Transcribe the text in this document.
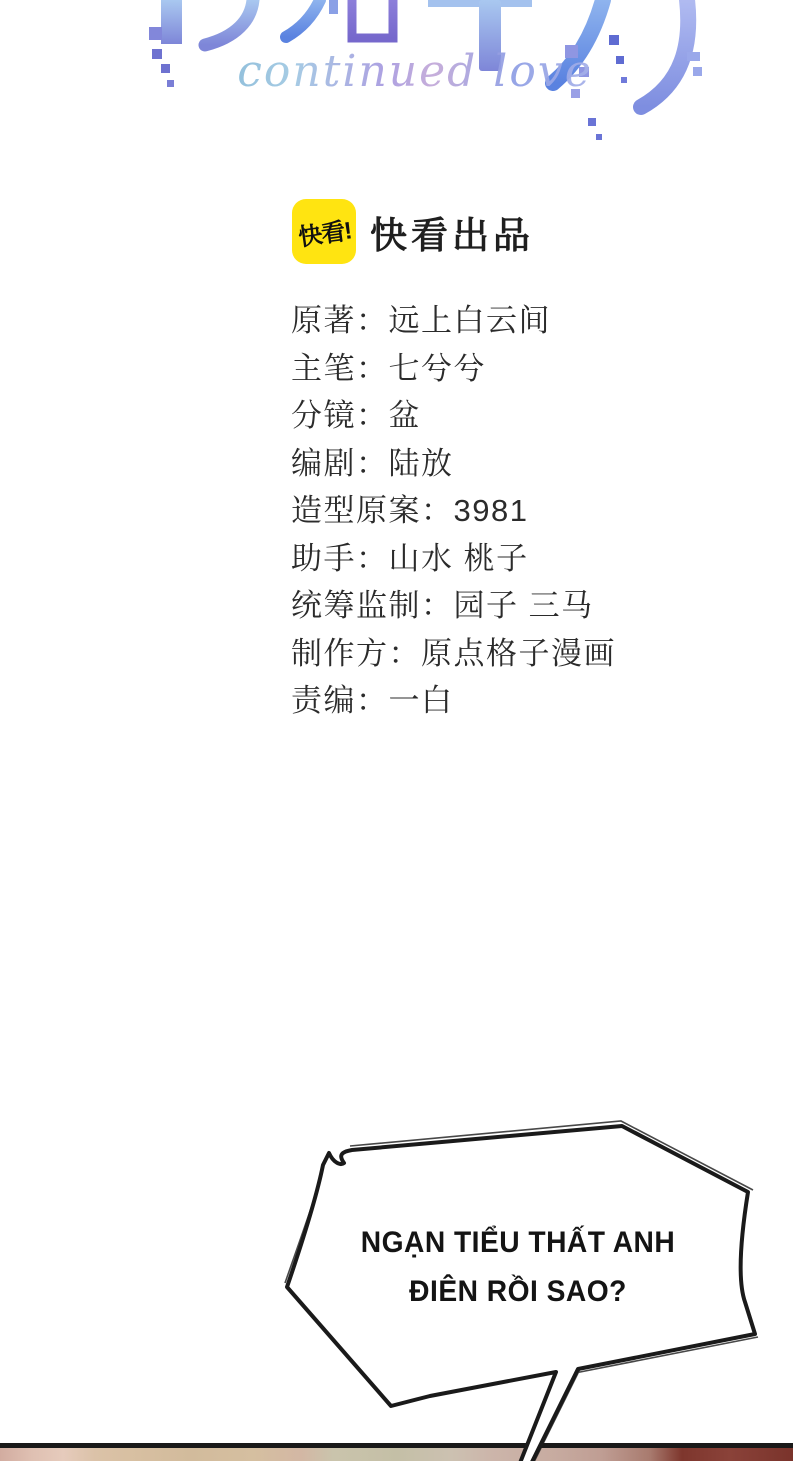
continued love
快看! 快看出品
原著：远上白云间
主笔：七兮兮
分镜：盆
编剧：陆放
造型原案：3981
助手：山水 桃子
统筹监制：园子 三马
制作方：原点格子漫画
责编：一白
NGẠN TIỂU THẤT ANH
ĐIÊN RỒI SAO?
